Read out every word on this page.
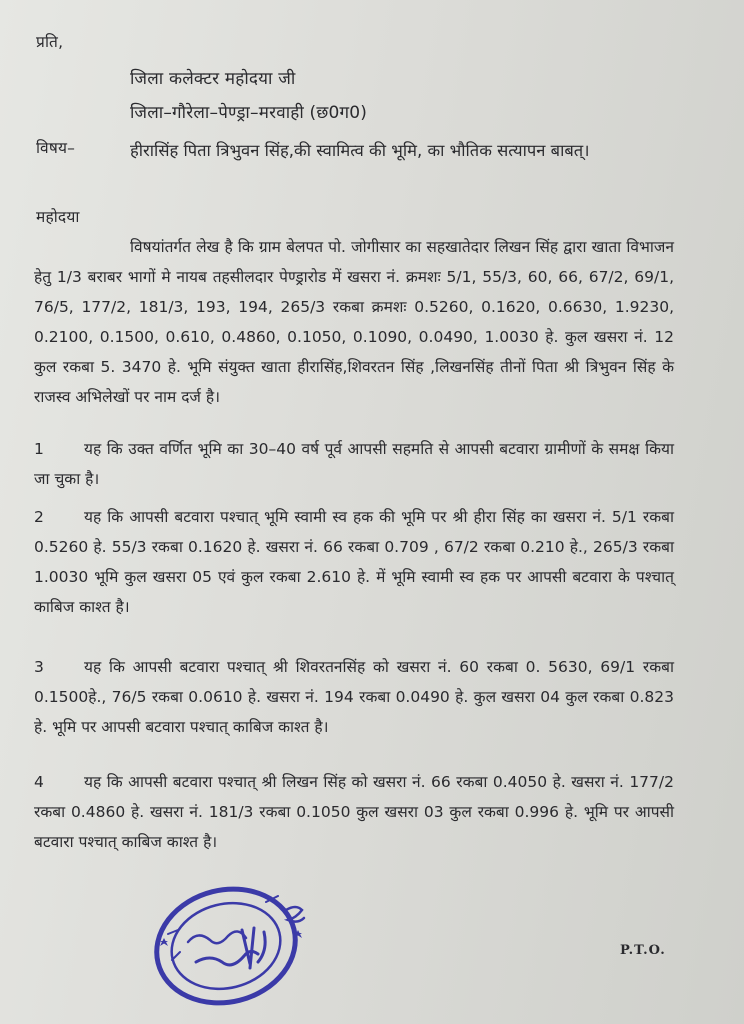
प्रति,
जिला कलेक्टर महोदया जी
जिला–गौरेला–पेण्ड्रा–मरवाही (छ0ग0)
विषय–	हीरासिंह पिता त्रिभुवन सिंह,की स्वामित्व की भूमि, का भौतिक सत्यापन बाबत्।
महोदया
विषयांतर्गत लेख है कि ग्राम बेलपत पो. जोगीसार का सहखातेदार लिखन सिंह द्वारा खाता विभाजन हेतु 1/3 बराबर भागों मे नायब तहसीलदार पेण्ड्रारोड में खसरा नं. क्रमशः 5/1, 55/3, 60, 66, 67/2, 69/1, 76/5, 177/2, 181/3, 193, 194, 265/3 रकबा क्रमशः 0.5260, 0.1620, 0.6630, 1.9230, 0.2100, 0.1500, 0.610, 0.4860, 0.1050, 0.1090, 0.0490, 1.0030 हे. कुल खसरा नं. 12 कुल रकबा 5. 3470 हे. भूमि संयुक्त खाता हीरासिंह,शिवरतन सिंह ,लिखनसिंह तीनों पिता श्री त्रिभुवन सिंह के राजस्व अभिलेखों पर नाम दर्ज है।
1	यह कि उक्त वर्णित भूमि का 30–40 वर्ष पूर्व आपसी सहमति से आपसी बटवारा ग्रामीणों के समक्ष किया जा चुका है।
2	यह कि आपसी बटवारा पश्चात् भूमि स्वामी स्व हक की भूमि पर श्री हीरा सिंह का खसरा नं. 5/1 रकबा 0.5260 हे. 55/3 रकबा 0.1620 हे. खसरा नं. 66 रकबा 0.709 , 67/2 रकबा 0.210 हे., 265/3 रकबा 1.0030 भूमि कुल खसरा 05 एवं कुल रकबा 2.610 हे. में भूमि स्वामी स्व हक पर आपसी बटवारा के पश्चात् काबिज काश्त है।
3	यह कि आपसी बटवारा पश्चात् श्री शिवरतनसिंह को खसरा नं. 60 रकबा 0. 5630, 69/1 रकबा 0.1500हे., 76/5 रकबा 0.0610 हे. खसरा नं. 194 रकबा 0.0490 हे. कुल खसरा 04 कुल रकबा 0.823 हे. भूमि पर आपसी बटवारा पश्चात् काबिज काश्त है।
4	यह कि आपसी बटवारा पश्चात् श्री लिखन सिंह को खसरा नं. 66 रकबा 0.4050 हे. खसरा नं. 177/2 रकबा 0.4860 हे. खसरा नं. 181/3 रकबा 0.1050 कुल खसरा 03 कुल रकबा 0.996 हे. भूमि पर आपसी बटवारा पश्चात् काबिज काश्त है।
P.T.O.
